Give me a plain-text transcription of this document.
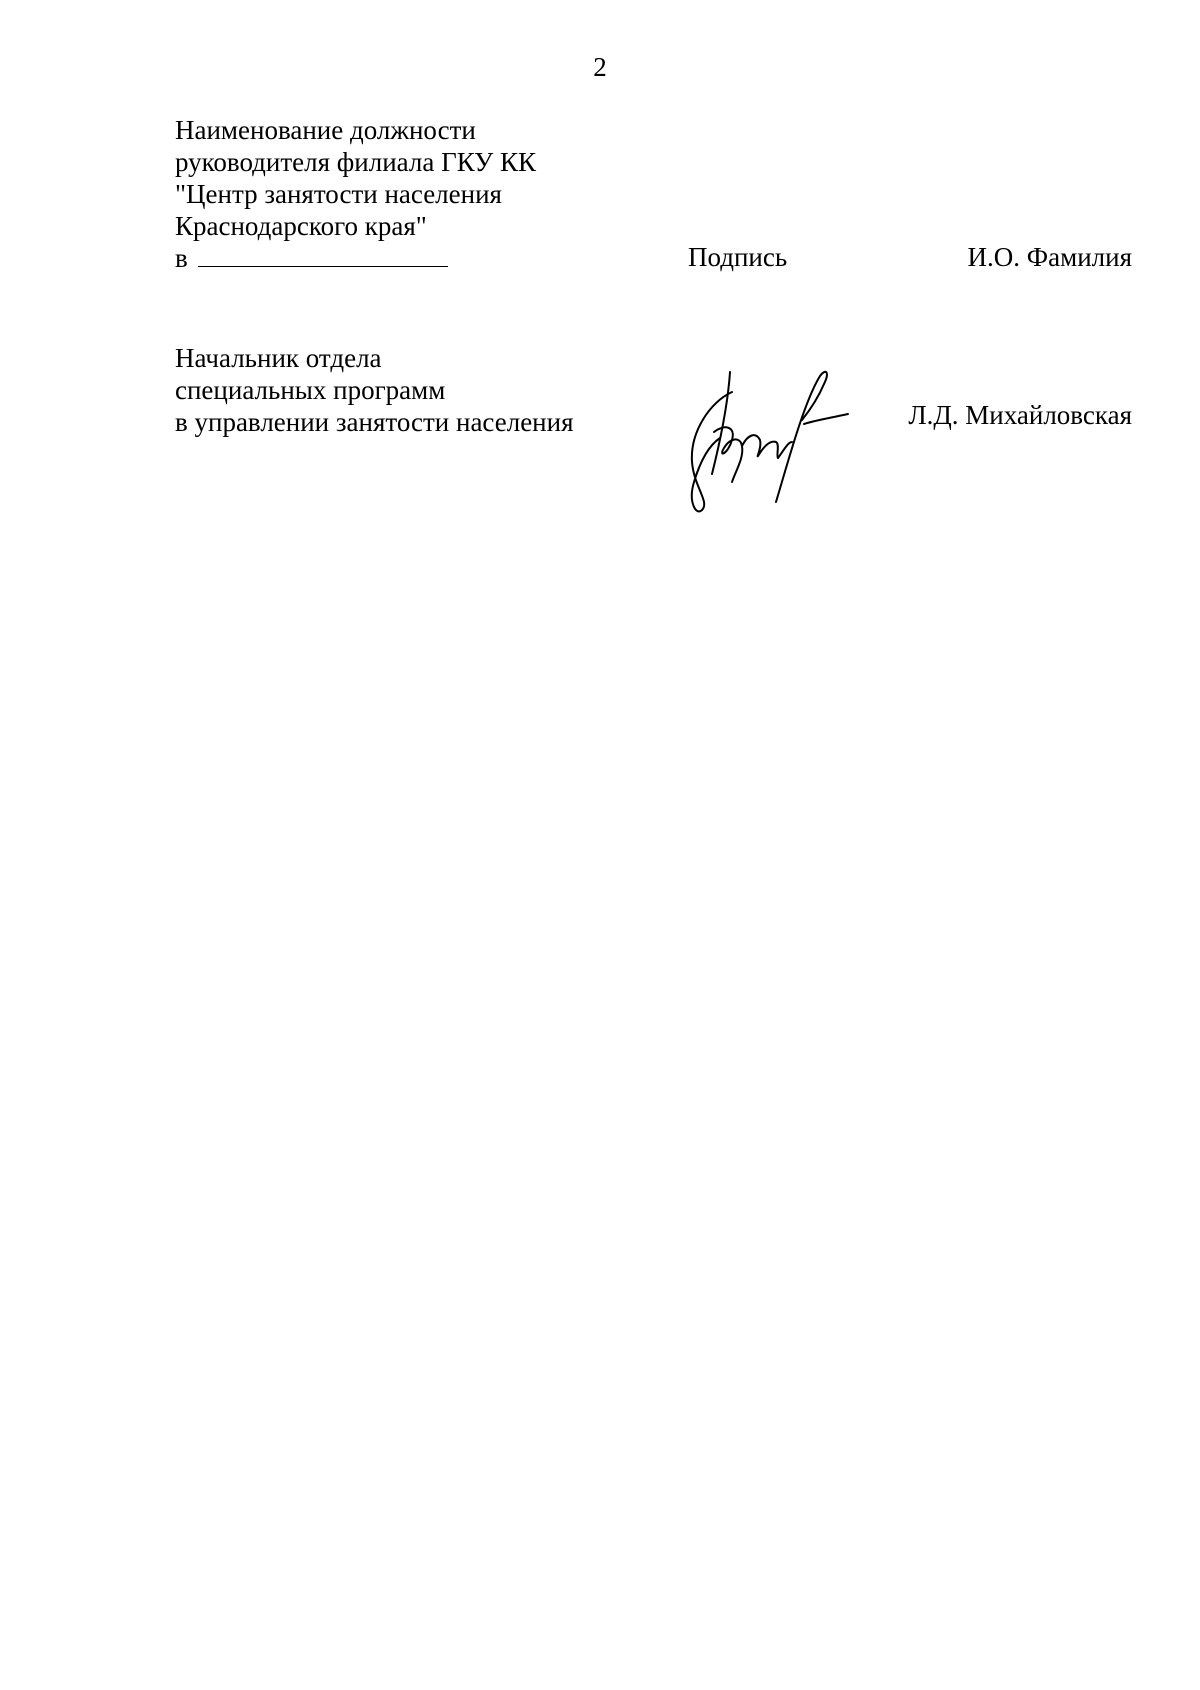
2
Наименование должности
руководителя филиала ГКУ КК
"Центр занятости населения
Краснодарского края"
в	Подпись	И.О. Фамилия
Начальник отдела
специальных программ
в управлении занятости населения	Л.Д. Михайловская
